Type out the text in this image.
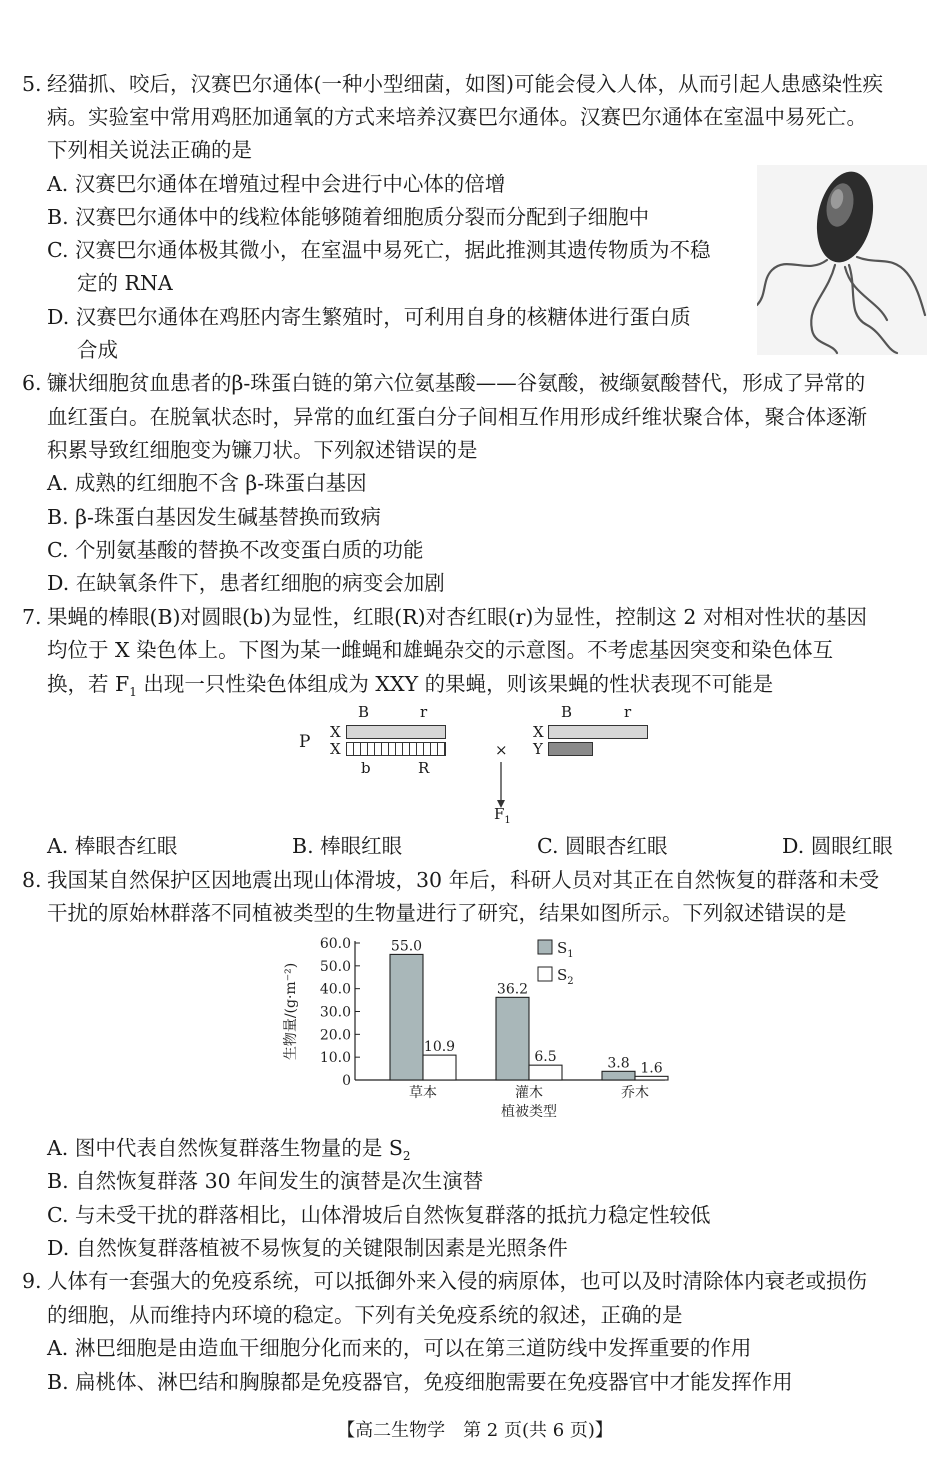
5. 经猫抓、咬后，汉赛巴尔通体(一种小型细菌，如图)可能会侵入人体，从而引起人患感染性疾
病。实验室中常用鸡胚加通氧的方式来培养汉赛巴尔通体。汉赛巴尔通体在室温中易死亡。
下列相关说法正确的是
A. 汉赛巴尔通体在增殖过程中会进行中心体的倍增
B. 汉赛巴尔通体中的线粒体能够随着细胞质分裂而分配到子细胞中
C. 汉赛巴尔通体极其微小，在室温中易死亡，据此推测其遗传物质为不稳
定的 RNA
D. 汉赛巴尔通体在鸡胚内寄生繁殖时，可利用自身的核糖体进行蛋白质
合成
6. 镰状细胞贫血患者的β-珠蛋白链的第六位氨基酸——谷氨酸，被缬氨酸替代，形成了异常的
血红蛋白。在脱氧状态时，异常的血红蛋白分子间相互作用形成纤维状聚合体，聚合体逐渐
积累导致红细胞变为镰刀状。下列叙述错误的是
A. 成熟的红细胞不含 β-珠蛋白基因
B. β-珠蛋白基因发生碱基替换而致病
C. 个别氨基酸的替换不改变蛋白质的功能
D. 在缺氧条件下，患者红细胞的病变会加剧
7. 果蝇的棒眼(B)对圆眼(b)为显性，红眼(R)对杏红眼(r)为显性，控制这 2 对相对性状的基因
均位于 X 染色体上。下图为某一雌蝇和雄蝇杂交的示意图。不考虑基因突变和染色体互
换，若 $F_1$ 出现一只性染色体组成为 XXY 的果蝇，则该果蝇的性状表现不可能是
P
B	r
X
X
b	R
×
B	r
X
Y
$F_1$
A. 棒眼杏红眼	B. 棒眼红眼	C. 圆眼杏红眼	D. 圆眼红眼
8. 我国某自然保护区因地震出现山体滑坡，30 年后，科研人员对其正在自然恢复的群落和未受
干扰的原始林群落不同植被类型的生物量进行了研究，结果如图所示。下列叙述错误的是
0
10.0
20.0
30.0
40.0
50.0
60.0
生物量/(g·m⁻²)
55.0
10.9
草本
36.2
6.5
灌木
3.8 1.6
乔木
植被类型
$S_1$
$S_2$
A. 图中代表自然恢复群落生物量的是 $S_2$
B. 自然恢复群落 30 年间发生的演替是次生演替
C. 与未受干扰的群落相比，山体滑坡后自然恢复群落的抵抗力稳定性较低
D. 自然恢复群落植被不易恢复的关键限制因素是光照条件
9. 人体有一套强大的免疫系统，可以抵御外来入侵的病原体，也可以及时清除体内衰老或损伤
的细胞，从而维持内环境的稳定。下列有关免疫系统的叙述，正确的是
A. 淋巴细胞是由造血干细胞分化而来的，可以在第三道防线中发挥重要的作用
B. 扁桃体、淋巴结和胸腺都是免疫器官，免疫细胞需要在免疫器官中才能发挥作用
【高二生物学　第 2 页(共 6 页)】
